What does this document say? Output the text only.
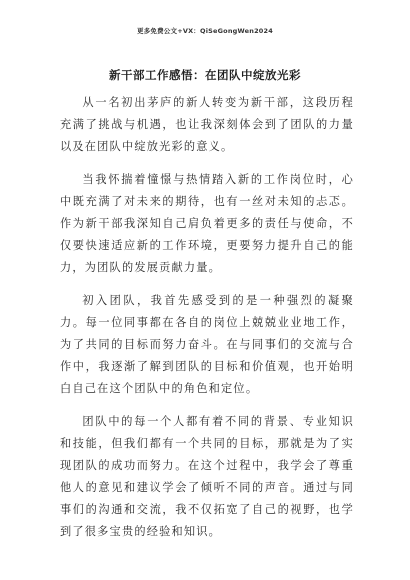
更多免费公文+VX：QiSeGongWen2024
新干部工作感悟：在团队中绽放光彩

从一名初出茅庐的新人转变为新干部，这段历程充满了挑战与机遇，也让我深刻体会到了团队的力量以及在团队中绽放光彩的意义。

当我怀揣着憧憬与热情踏入新的工作岗位时，心中既充满了对未来的期待，也有一丝对未知的忐忑。作为新干部我深知自己肩负着更多的责任与使命，不仅要快速适应新的工作环境，更要努力提升自己的能力，为团队的发展贡献力量。

初入团队，我首先感受到的是一种强烈的凝聚力。每一位同事都在各自的岗位上兢兢业业地工作，为了共同的目标而努力奋斗。在与同事们的交流与合作中，我逐渐了解到团队的目标和价值观，也开始明白自己在这个团队中的角色和定位。

团队中的每一个人都有着不同的背景、专业知识和技能，但我们都有一个共同的目标，那就是为了实现团队的成功而努力。在这个过程中，我学会了尊重他人的意见和建议学会了倾听不同的声音。通过与同事们的沟通和交流，我不仅拓宽了自己的视野，也学到了很多宝贵的经验和知识。
